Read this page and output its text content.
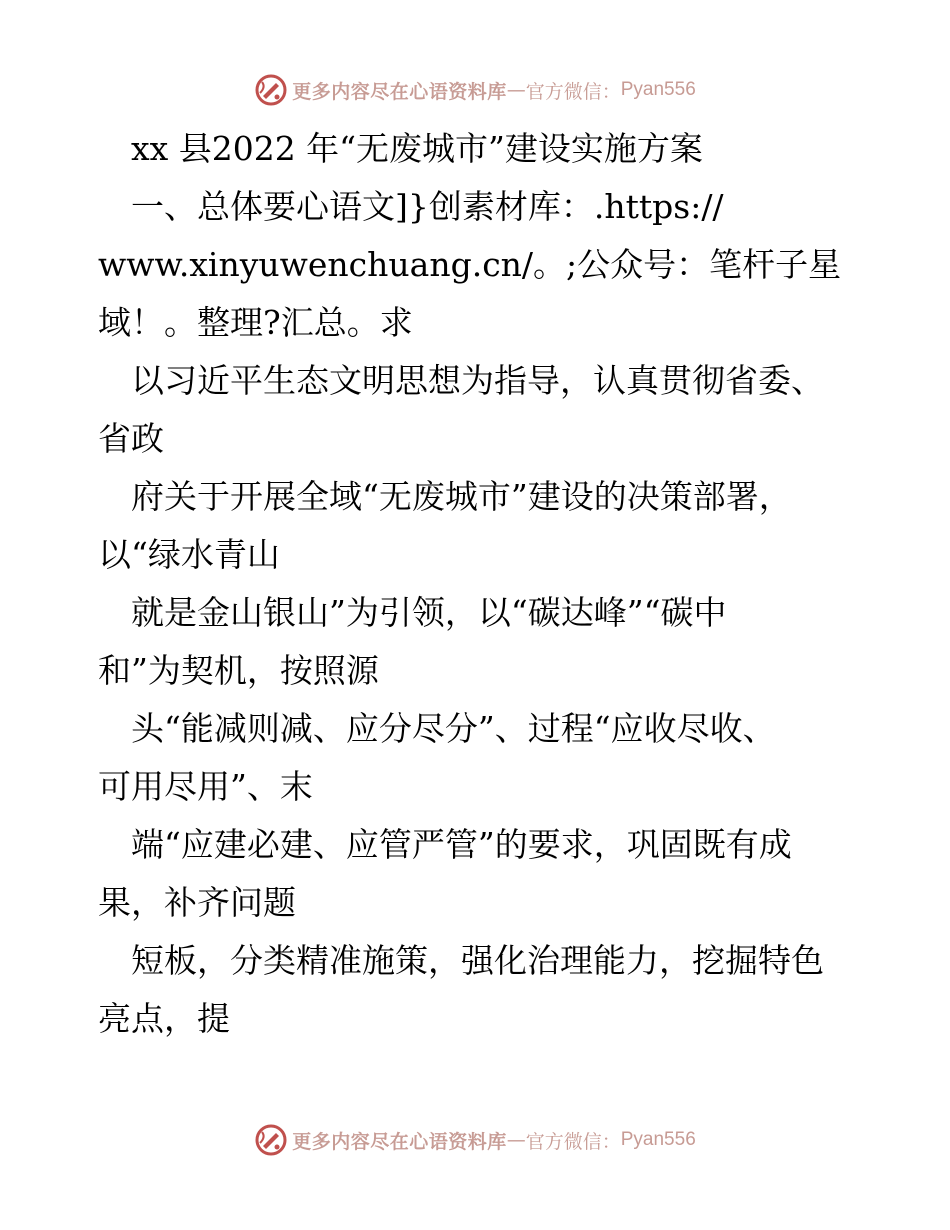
更多内容尽在心语资料库 — 官方微信： Pyan556

　xx 县2022 年“无废城市”建设实施方案

　一、总体要心语文]}创素材库：.https://

www.xinyuwenchuang.cn/。;公众号：笔杆子星

域！。整理?汇总。求

　以习近平生态文明思想为指导，认真贯彻省委、

省政

　府关于开展全域“无废城市”建设的决策部署，

以“绿水青山

　就是金山银山”为引领，以“碳达峰”“碳中

和”为契机，按照源

　头“能减则减、应分尽分”、过程“应收尽收、

可用尽用”、末

　端“应建必建、应管严管”的要求，巩固既有成

果，补齐问题

　短板，分类精准施策，强化治理能力，挖掘特色

亮点，提

更多内容尽在心语资料库 — 官方微信： Pyan556
